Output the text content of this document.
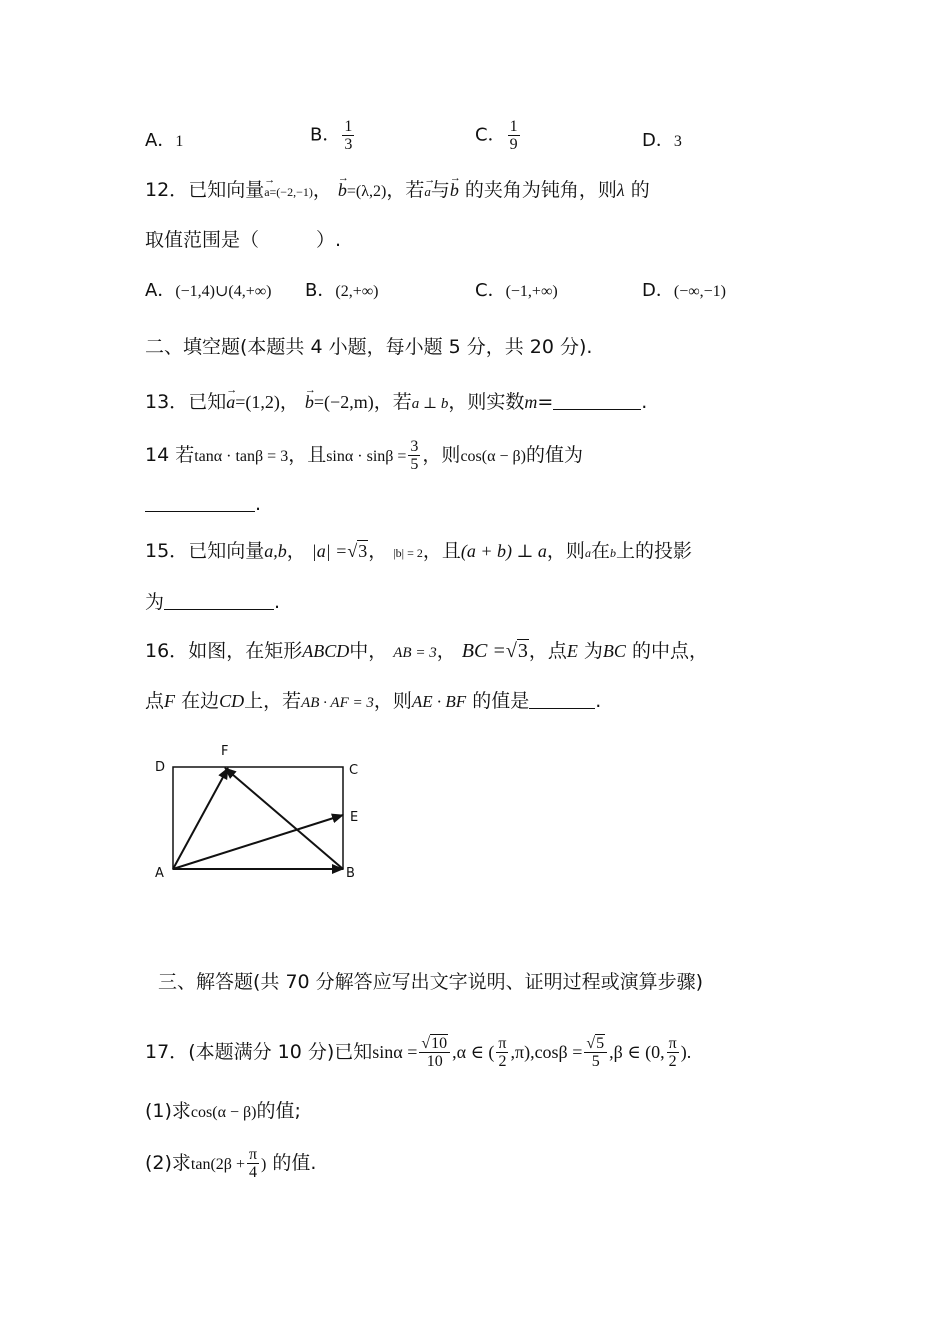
A．1	B． $\frac{1}{3}$	C． $\frac{1}{9}$	D．3
12．已知向量→ a=(−2,−1)， → b=(λ,2)，若→ a与→ b 的夹角为钝角，则λ 的
取值范围是（　　　）.
A．(−1,4)∪(4,+∞) B．(2,+∞)	C．(−1,+∞)	D．(−∞,−1)
二、填空题(本题共 4 小题，每小题 5 分，共 20 分).
13．已知→ a=(1,2)， → b=(−2,m)，若a ⊥ b，则实数m=	.
14 若tanα · tanβ = 3，且$\sin\alpha \cdot \sin\beta = \frac{3}{5}$ ，则cos(α − β)的值为
.
15．已知向量a,b， |a| =√3， |b| = 2，且(a + b) ⊥ a，则a在b上的投影
为	.
16．如图，在矩形ABCD中， AB = 3， BC =√3，点E 为BC 的中点，
点F 在边CD上，若AB · AF = 3，则AE · BF 的值是	.
D
F
C
E
A	B
三、解答题(共 70 分解答应写出文字说明、证明过程或演算步骤)
17．(本题满分 10 分)已知$\sin\alpha = \frac{√10}{10} ,\alpha$ ∈ ( $\frac{\pi}{2} ,\pi),\cos\beta = \frac{√5}{5} ,\beta$ ∈ (0, $\frac{\pi}{2}$ ).
(1)求cos(α − β)的值;
(2)求$\tan(2\beta + \frac{\pi}{4}$ ) 的值.
